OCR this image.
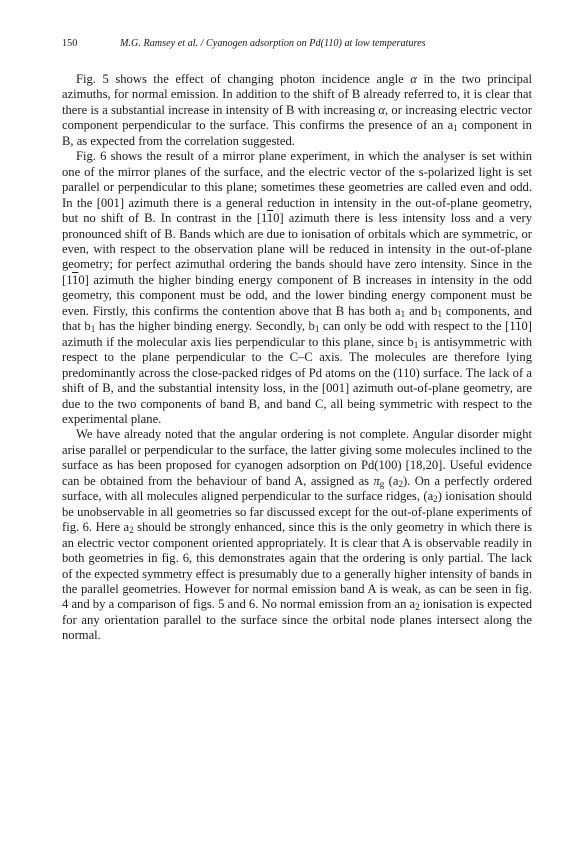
150	M.G. Ramsey et al. / Cyanogen adsorption on Pd(110) at low temperatures

Fig. 5 shows the effect of changing photon incidence angle α in the two principal azimuths, for normal emission. In addition to the shift of B already referred to, it is clear that there is a substantial increase in intensity of B with increasing α, or increasing electric vector component perpendicular to the surface. This confirms the presence of an $a_1$ component in B, as expected from the correlation suggested.

Fig. 6 shows the result of a mirror plane experiment, in which the analyser is set within one of the mirror planes of the surface, and the electric vector of the s-polarized light is set parallel or perpendicular to this plane; sometimes these geometries are called even and odd. In the [001] azimuth there is a general reduction in intensity in the out-of-plane geometry, but no shift of B. In contrast in the [110] azimuth there is less intensity loss and a very pronounced shift of B. Bands which are due to ionisation of orbitals which are symmetric, or even, with respect to the observation plane will be reduced in intensity in the out-of-plane geometry; for perfect azimuthal ordering the bands should have zero intensity. Since in the [110] azimuth the higher binding energy component of B increases in intensity in the odd geometry, this component must be odd, and the lower binding energy component must be even. Firstly, this confirms the contention above that B has both $a_1$ and $b_1$ components, and that $b_1$ has the higher binding energy. Secondly, $b_1$ can only be odd with respect to the [110] azimuth if the molecular axis lies perpendicular to this plane, since $b_1$ is antisymmetric with respect to the plane perpendicular to the C–C axis. The molecules are therefore lying predominantly across the close-packed ridges of Pd atoms on the (110) surface. The lack of a shift of B, and the substantial intensity loss, in the [001] azimuth out-of-plane geometry, are due to the two components of band B, and band C, all being symmetric with respect to the experimental plane.

We have already noted that the angular ordering is not complete. Angular disorder might arise parallel or perpendicular to the surface, the latter giving some molecules inclined to the surface as has been proposed for cyanogen adsorption on Pd(100) [18,20]. Useful evidence can be obtained from the behaviour of band A, assigned as $\pi_g$ $(a_2)$. On a perfectly ordered surface, with all molecules aligned perpendicular to the surface ridges, $(a_2)$ ionisation should be unobservable in all geometries so far discussed except for the out-of-plane experiments of fig. 6. Here $a_2$ should be strongly enhanced, since this is the only geometry in which there is an electric vector component oriented appropriately. It is clear that A is observable readily in both geometries in fig. 6, this demonstrates again that the ordering is only partial. The lack of the expected symmetry effect is presumably due to a generally higher intensity of bands in the parallel geometries. However for normal emission band A is weak, as can be seen in fig. 4 and by a comparison of figs. 5 and 6. No normal emission from an $a_2$ ionisation is expected for any orientation parallel to the surface since the orbital node planes intersect along the normal.
